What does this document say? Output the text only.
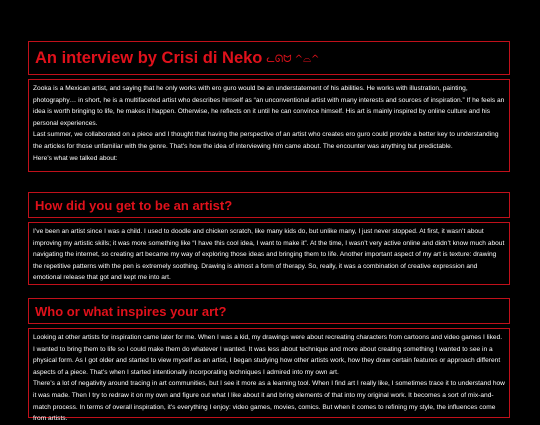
An interview by Crisi di Neko ᓚᘏᗢ ^⌓^

Zooka is a Mexican artist, and saying that he only works with ero guro would be an understatement of his abilities. He works with illustration, painting, photography… in short, he is a multifaceted artist who describes himself as “an unconventional artist with many interests and sources of inspiration.” If he feels an idea is worth bringing to life, he makes it happen. Otherwise, he reflects on it until he can convince himself. His art is mainly inspired by online culture and his personal experiences.

Last summer, we collaborated on a piece and I thought that having the perspective of an artist who creates ero guro could provide a better key to understanding the articles for those unfamiliar with the genre. That’s how the idea of interviewing him came about. The encounter was anything but predictable.

Here’s what we talked about:

How did you get to be an artist?

I’ve been an artist since I was a child. I used to doodle and chicken scratch, like many kids do, but unlike many, I just never stopped. At first, it wasn’t about improving my artistic skills; it was more something like “I have this cool idea, I want to make it”. At the time, I wasn’t very active online and didn’t know much about navigating the internet, so creating art became my way of exploring those ideas and bringing them to life. Another important aspect of my art is texture: drawing the repetitive patterns with the pen is extremely soothing. Drawing is almost a form of therapy. So, really, it was a combination of creative expression and emotional release that got and kept me into art.

Who or what inspires your art?

Looking at other artists for inspiration came later for me. When I was a kid, my drawings were about recreating characters from cartoons and video games I liked. I wanted to bring them to life so I could make them do whatever I wanted. It was less about technique and more about creating something I wanted to see in a physical form. As I got older and started to view myself as an artist, I began studying how other artists work, how they draw certain features or approach different aspects of a piece. That’s when I started intentionally incorporating techniques I admired into my own art.

There’s a lot of negativity around tracing in art communities, but I see it more as a learning tool. When I find art I really like, I sometimes trace it to understand how it was made. Then I try to redraw it on my own and figure out what I like about it and bring elements of that into my original work. It becomes a sort of mix-and-match process. In terms of overall inspiration, it’s everything I enjoy: video games, movies, comics. But when it comes to refining my style, the influences come from artists.
